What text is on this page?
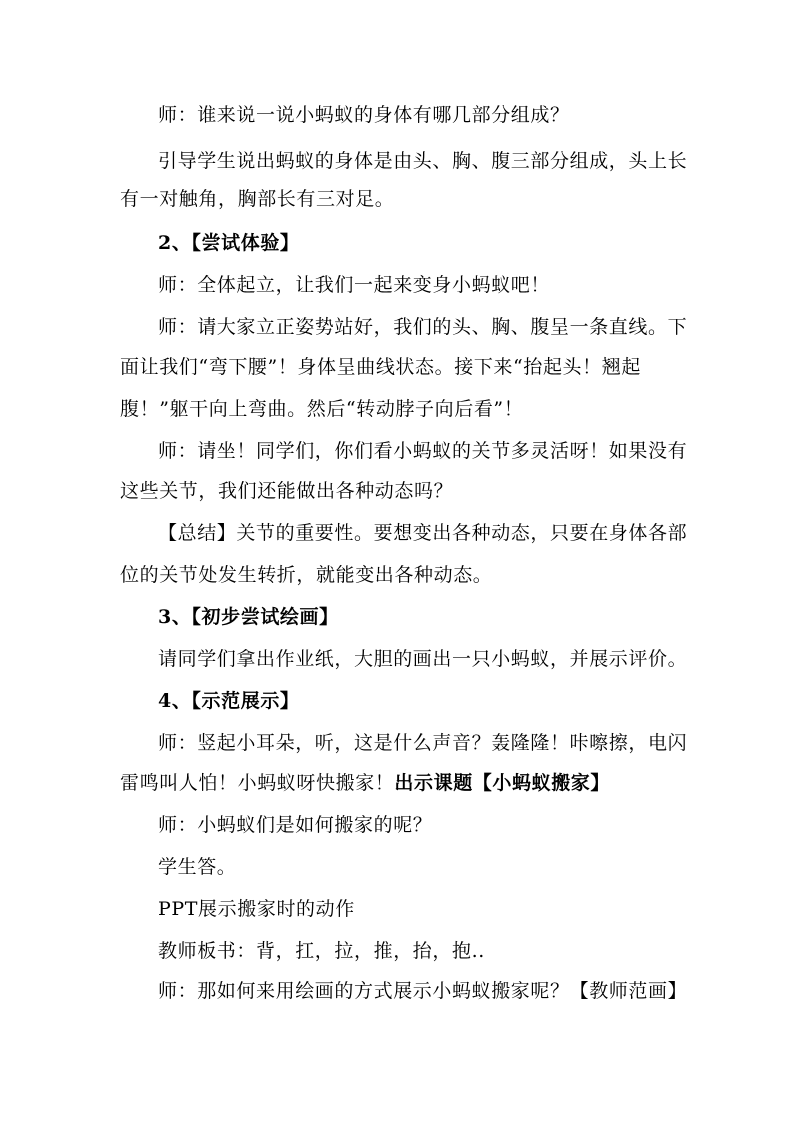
师：谁来说一说小蚂蚁的身体有哪几部分组成？
引导学生说出蚂蚁的身体是由头、胸、腹三部分组成，头上长
有一对触角，胸部长有三对足。
2、【尝试体验】
师：全体起立，让我们一起来变身小蚂蚁吧！
师：请大家立正姿势站好，我们的头、胸、腹呈一条直线。下
面让我们“弯下腰”！身体呈曲线状态。接下来“抬起头！翘起
腹！”躯干向上弯曲。然后“转动脖子向后看”！
师：请坐！同学们，你们看小蚂蚁的关节多灵活呀！如果没有
这些关节，我们还能做出各种动态吗？
【总结】关节的重要性。要想变出各种动态，只要在身体各部
位的关节处发生转折，就能变出各种动态。
3、【初步尝试绘画】
请同学们拿出作业纸，大胆的画出一只小蚂蚁，并展示评价。
4、【示范展示】
师：竖起小耳朵，听，这是什么声音？轰隆隆！咔嚓擦，电闪
雷鸣叫人怕！小蚂蚁呀快搬家！出示课题【小蚂蚁搬家】
师：小蚂蚁们是如何搬家的呢？
学生答。
PPT展示搬家时的动作
教师板书：背，扛，拉，推，抬，抱..
师：那如何来用绘画的方式展示小蚂蚁搬家呢？【教师范画】
